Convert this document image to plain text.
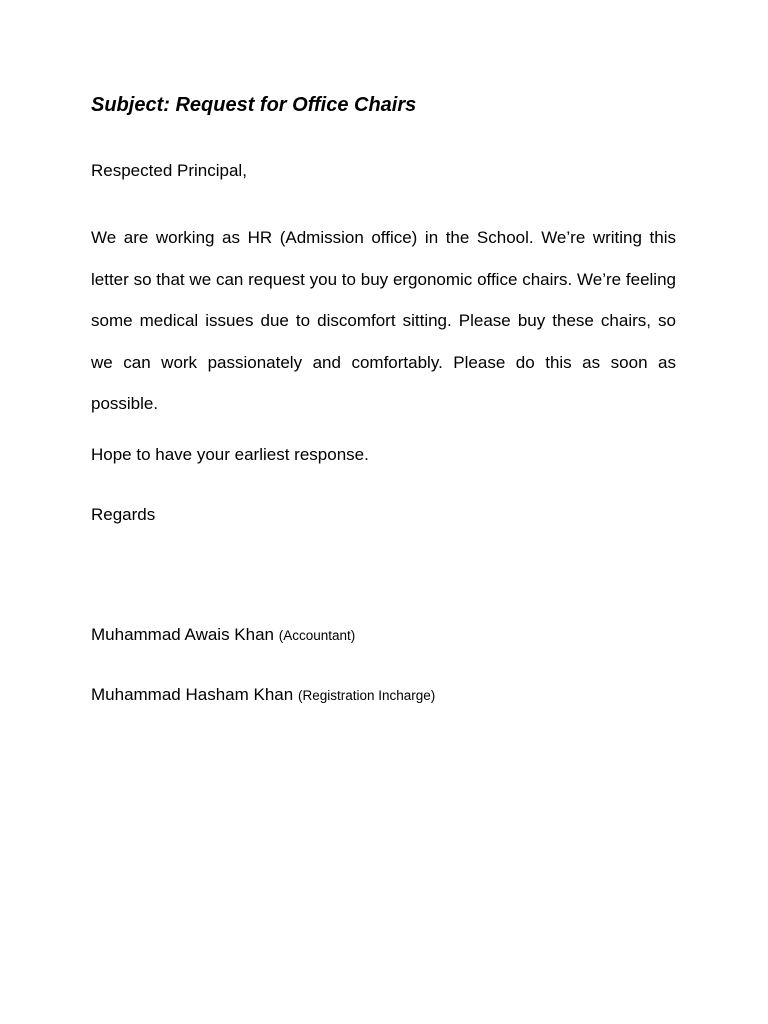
Subject: Request for Office Chairs
Respected Principal,
We are working as HR (Admission office) in the School. We’re writing this letter so that we can request you to buy ergonomic office chairs. We’re feeling some medical issues due to discomfort sitting. Please buy these chairs, so we can work passionately and comfortably. Please do this as soon as possible.
Hope to have your earliest response.
Regards
Muhammad Awais Khan (Accountant)
Muhammad Hasham Khan (Registration Incharge)
